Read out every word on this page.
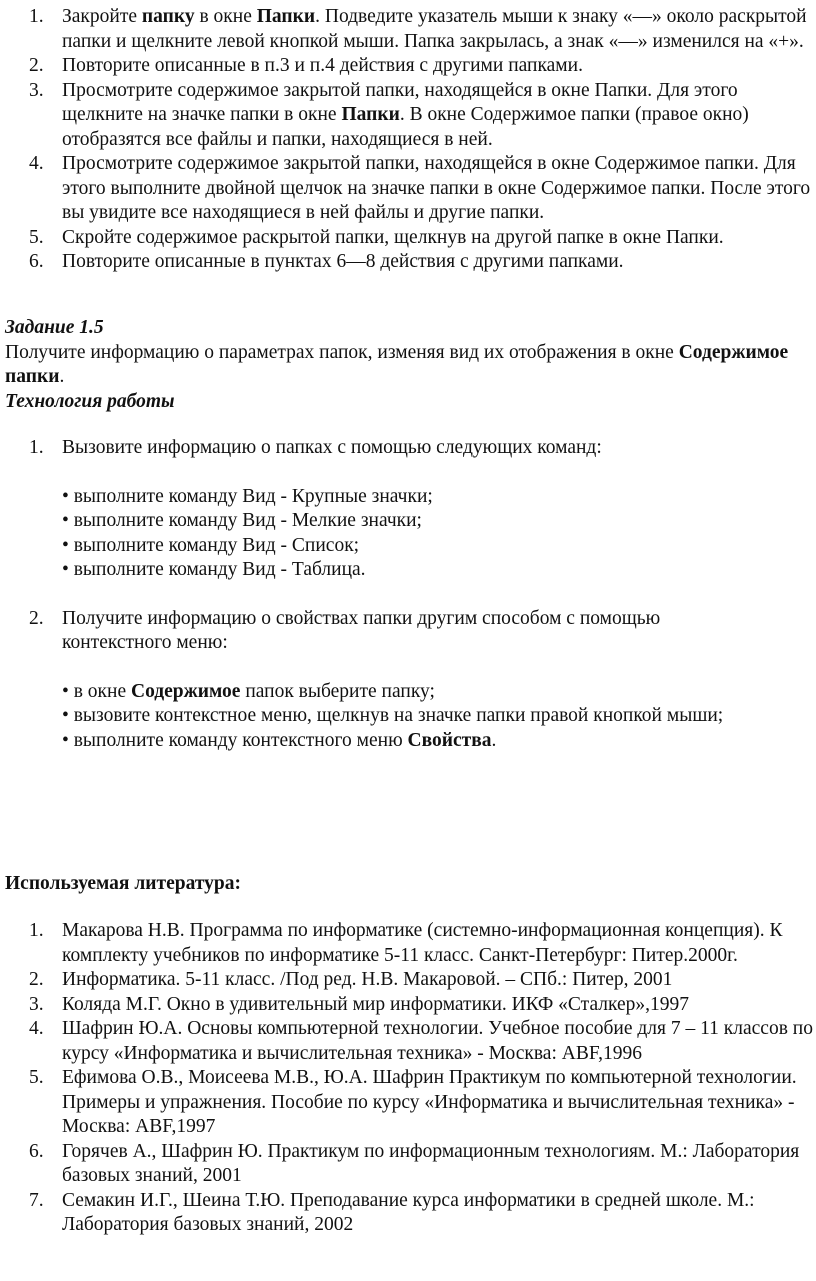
1. Закройте папку в окне Папки. Подведите указатель мыши к знаку «—» около раскрытой папки и щелкните левой кнопкой мыши. Папка закрылась, а знак «—» изменился на «+».
2. Повторите описанные в п.3 и п.4 действия с другими папками.
3. Просмотрите содержимое закрытой папки, находящейся в окне Папки. Для этого щелкните на значке папки в окне Папки. В окне Содержимое папки (правое окно) отобразятся все файлы и папки, находящиеся в ней.
4. Просмотрите содержимое закрытой папки, находящейся в окне Содержимое папки. Для этого выполните двойной щелчок на значке папки в окне Содержимое папки. После этого вы увидите все находящиеся в ней файлы и другие папки.
5. Скройте содержимое раскрытой папки, щелкнув на другой папке в окне Папки.
6. Повторите описанные в пунктах 6—8 действия с другими папками.

Задание 1.5

Получите информацию о параметрах папок, изменяя вид их отображения в окне Содержимое папки.

Технология работы

1. Вызовите информацию о папках с помощью следующих команд:

• выполните команду Вид - Крупные значки;

• выполните команду Вид - Мелкие значки;

• выполните команду Вид - Список;

• выполните команду Вид - Таблица.

2. Получите информацию о свойствах папки другим способом с помощью контекстного меню:

• в окне Содержимое папок выберите папку;

• вызовите контекстное меню, щелкнув на значке папки правой кнопкой мыши;

• выполните команду контекстного меню Свойства.

Используемая литература:

1. Макарова Н.В. Программа по информатике (системно-информационная концепция). К комплекту учебников по информатике 5-11 класс. Санкт-Петербург: Питер.2000г.
2. Информатика. 5-11 класс. /Под ред. Н.В. Макаровой. – СПб.: Питер, 2001
3. Коляда М.Г. Окно в удивительный мир информатики. ИКФ «Сталкер»,1997
4. Шафрин Ю.А. Основы компьютерной технологии. Учебное пособие для 7 – 11 классов по курсу «Информатика и вычислительная техника» - Москва: ABF,1996
5. Ефимова О.В., Моисеева М.В., Ю.А. Шафрин Практикум по компьютерной технологии. Примеры и упражнения. Пособие по курсу «Информатика и вычислительная техника» - Москва: ABF,1997
6. Горячев А., Шафрин Ю. Практикум по информационным технологиям. М.: Лаборатория базовых знаний, 2001
7. Семакин И.Г., Шеина Т.Ю. Преподавание курса информатики в средней школе. М.: Лаборатория базовых знаний, 2002
